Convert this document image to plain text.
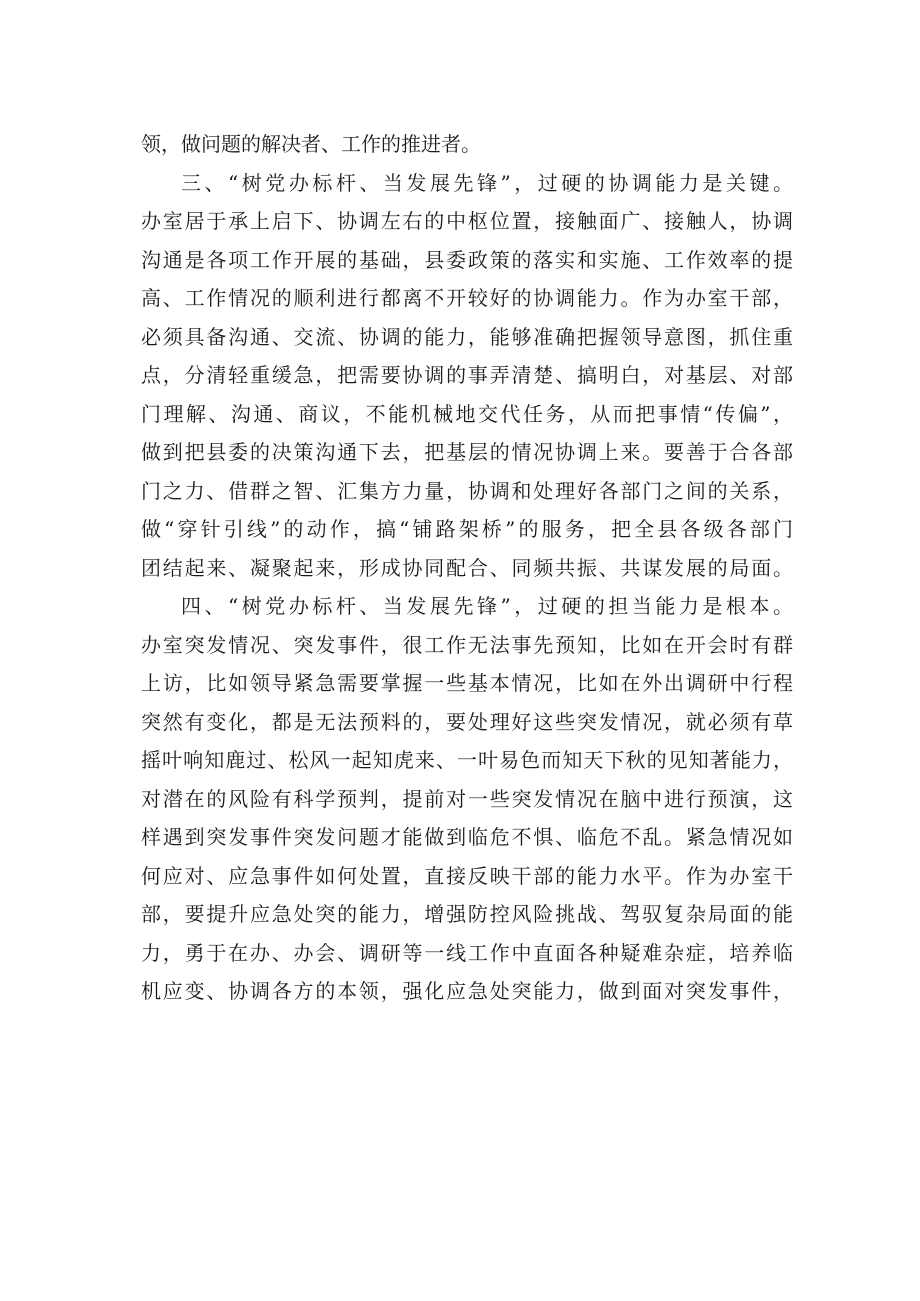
领，做问题的解决者、工作的推进者。
三、“树党办标杆、当发展先锋”，过硬的协调能力是关键。
办室居于承上启下、协调左右的中枢位置，接触面广、接触人，协调
沟通是各项工作开展的基础，县委政策的落实和实施、工作效率的提
高、工作情况的顺利进行都离不开较好的协调能力。作为办室干部，
必须具备沟通、交流、协调的能力，能够准确把握领导意图，抓住重
点，分清轻重缓急，把需要协调的事弄清楚、搞明白，对基层、对部
门理解、沟通、商议，不能机械地交代任务，从而把事情“传偏”，
做到把县委的决策沟通下去，把基层的情况协调上来。要善于合各部
门之力、借群之智、汇集方力量，协调和处理好各部门之间的关系，
做“穿针引线”的动作，搞“铺路架桥”的服务，把全县各级各部门
团结起来、凝聚起来，形成协同配合、同频共振、共谋发展的局面。
四、“树党办标杆、当发展先锋”，过硬的担当能力是根本。
办室突发情况、突发事件，很工作无法事先预知，比如在开会时有群
上访，比如领导紧急需要掌握一些基本情况，比如在外出调研中行程
突然有变化，都是无法预料的，要处理好这些突发情况，就必须有草
摇叶响知鹿过、松风一起知虎来、一叶易色而知天下秋的见知著能力，
对潜在的风险有科学预判，提前对一些突发情况在脑中进行预演，这
样遇到突发事件突发问题才能做到临危不惧、临危不乱。紧急情况如
何应对、应急事件如何处置，直接反映干部的能力水平。作为办室干
部，要提升应急处突的能力，增强防控风险挑战、驾驭复杂局面的能
力，勇于在办、办会、调研等一线工作中直面各种疑难杂症，培养临
机应变、协调各方的本领，强化应急处突能力，做到面对突发事件，
